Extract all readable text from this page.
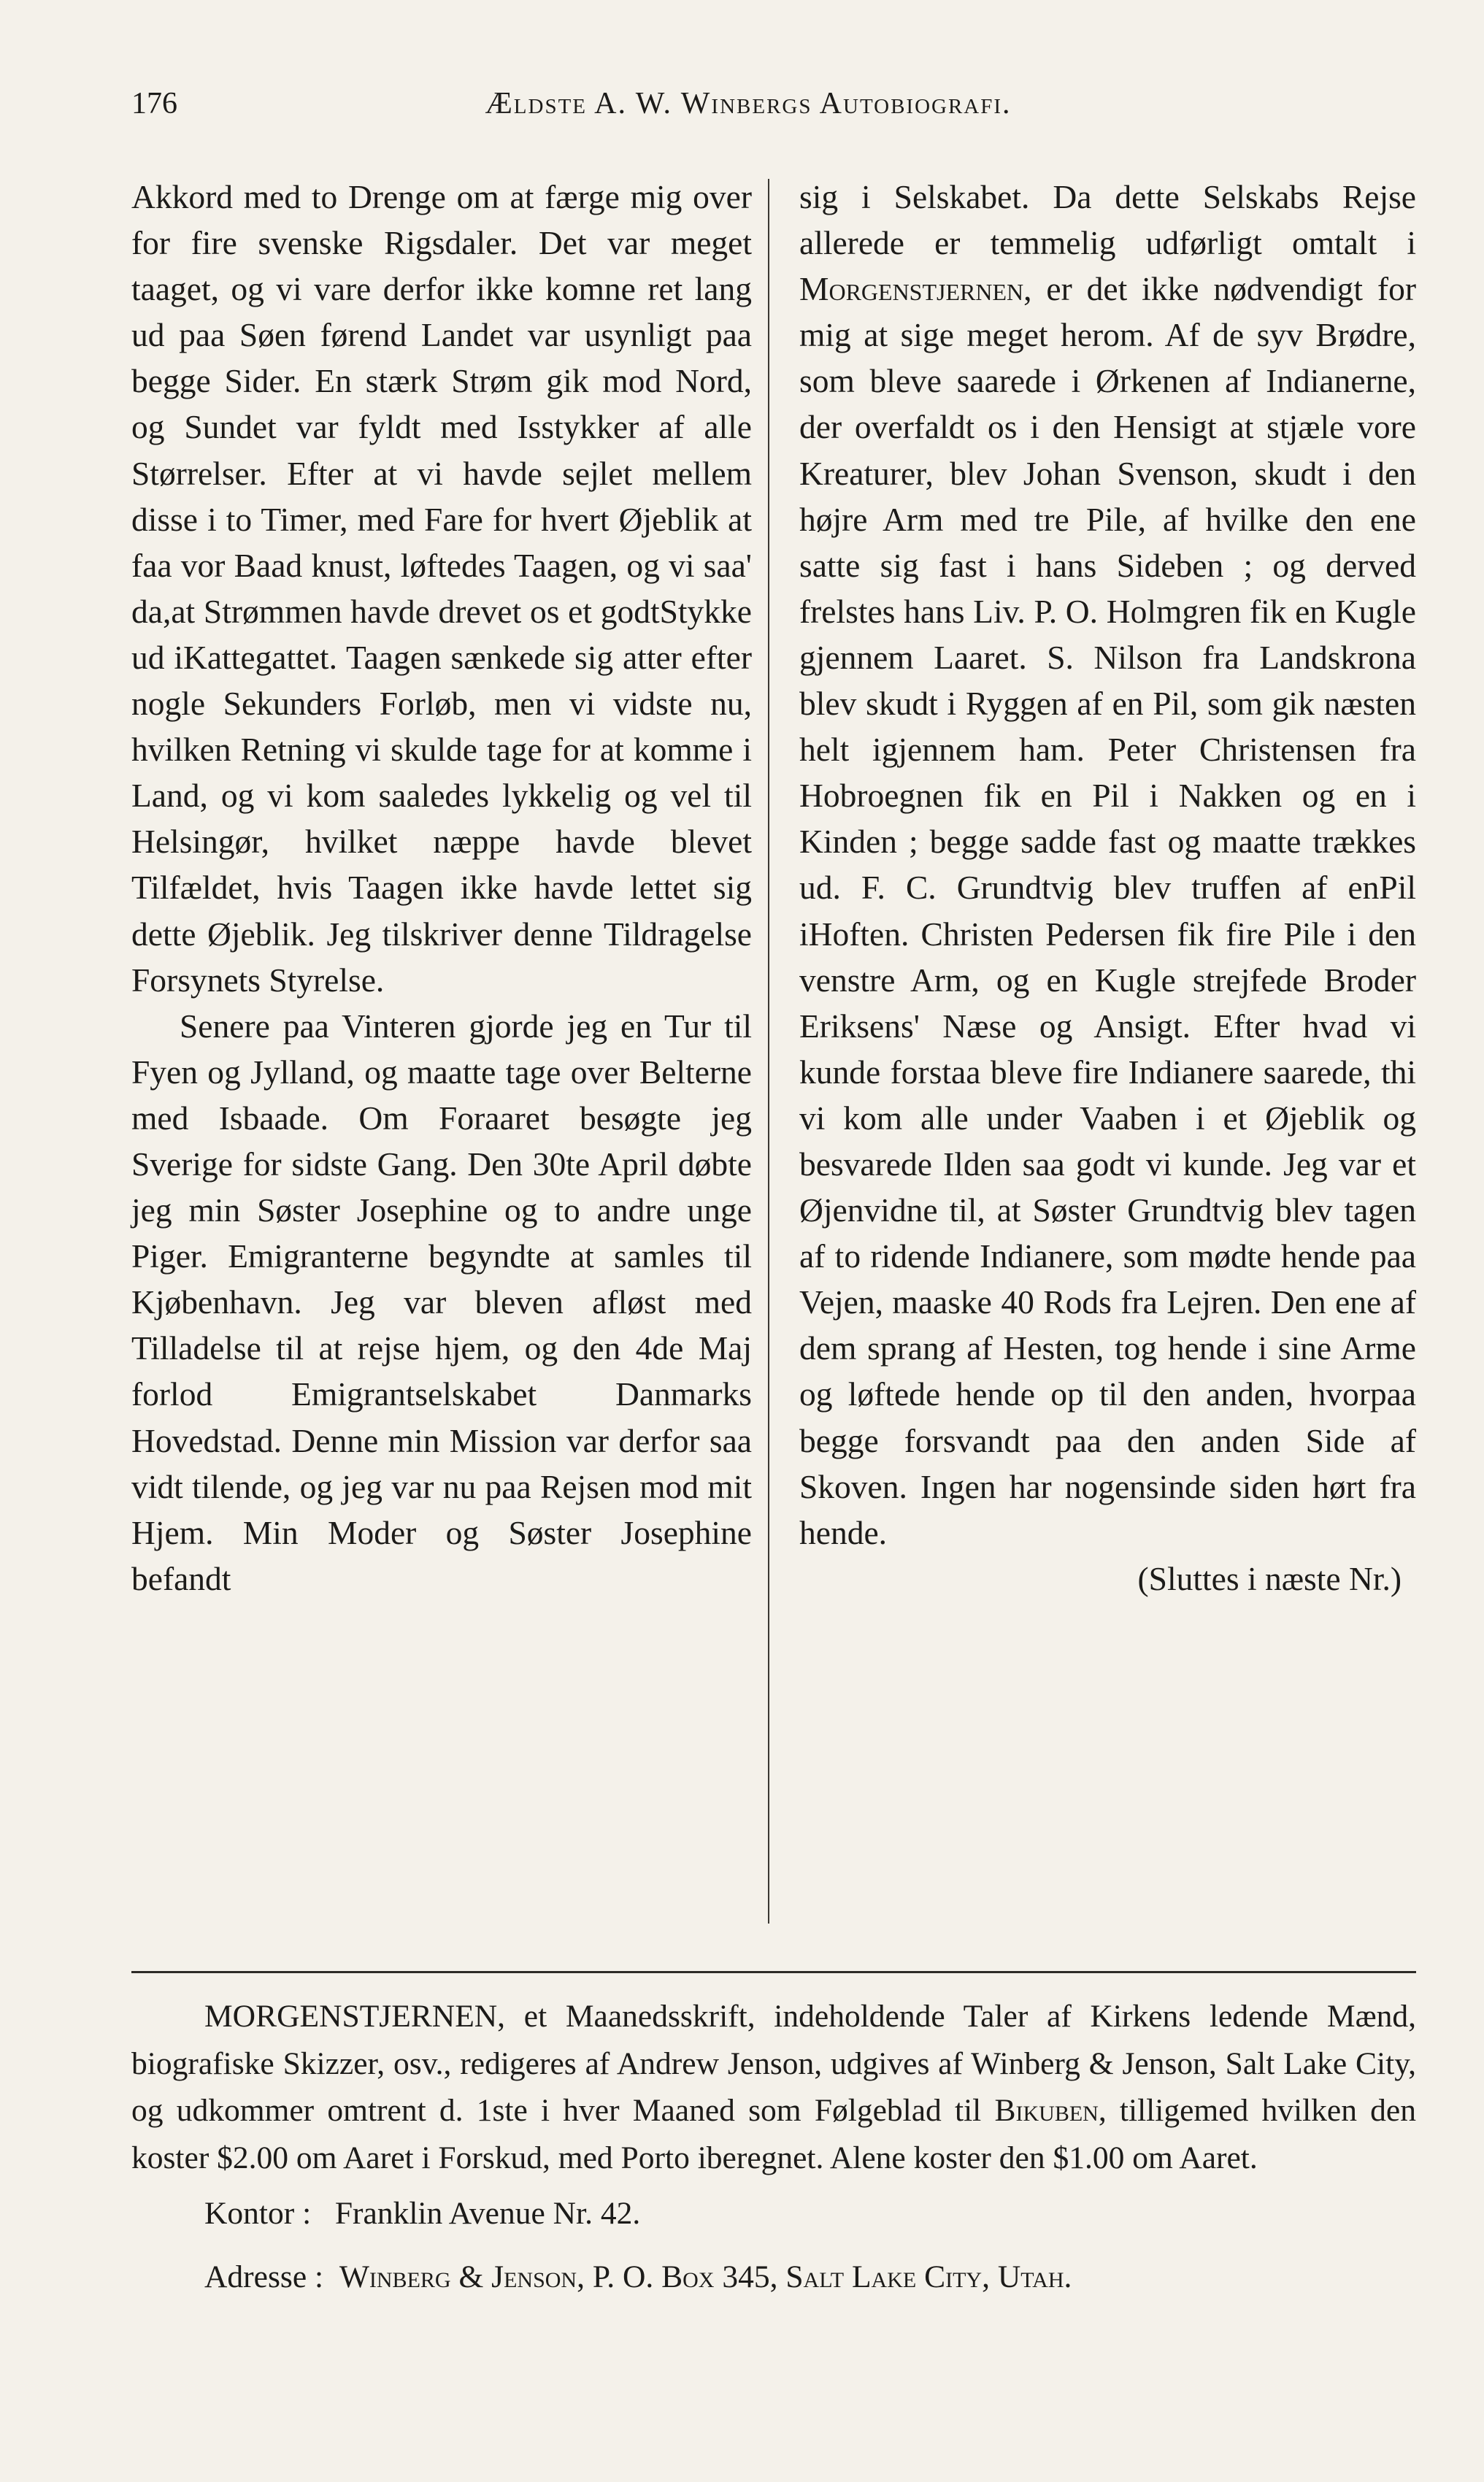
176	Ældste A. W. Winbergs Autobiografi.

Akkord med to Drenge om at færge mig over for fire svenske Rigsdaler. Det var meget taaget, og vi vare derfor ikke komne ret lang ud paa Søen førend Landet var usynligt paa begge Sider. En stærk Strøm gik mod Nord, og Sundet var fyldt med Isstykker af alle Størrelser. Efter at vi havde sejlet mellem disse i to Timer, med Fare for hvert Øjeblik at faa vor Baad knust, løftedes Taagen, og vi saa' da,at Strømmen havde drevet os et godtStykke ud iKattegattet. Taagen sænkede sig atter efter nogle Sekunders Forløb, men vi vidste nu, hvilken Retning vi skulde tage for at komme i Land, og vi kom saaledes lykkelig og vel til Helsingør, hvilket næppe havde blevet Tilfældet, hvis Taagen ikke havde lettet sig dette Øjeblik. Jeg tilskriver denne Tildragelse Forsynets Styrelse.

Senere paa Vinteren gjorde jeg en Tur til Fyen og Jylland, og maatte tage over Belterne med Isbaade. Om Foraaret besøgte jeg Sverige for sidste Gang. Den 30te April døbte jeg min Søster Josephine og to andre unge Piger. Emigranterne begyndte at samles til Kjøbenhavn. Jeg var bleven afløst med Tilladelse til at rejse hjem, og den 4de Maj forlod Emigrantselskabet Danmarks Hovedstad. Denne min Mission var derfor saa vidt tilende, og jeg var nu paa Rejsen mod mit Hjem. Min Moder og Søster Josephine befandt

sig i Selskabet. Da dette Selskabs Rejse allerede er temmelig udførligt omtalt i Morgenstjernen, er det ikke nødvendigt for mig at sige meget herom. Af de syv Brødre, som bleve saarede i Ørkenen af Indianerne, der overfaldt os i den Hensigt at stjæle vore Kreaturer, blev Johan Svenson, skudt i den højre Arm med tre Pile, af hvilke den ene satte sig fast i hans Sideben ; og derved frelstes hans Liv. P. O. Holmgren fik en Kugle gjennem Laaret. S. Nilson fra Landskrona blev skudt i Ryggen af en Pil, som gik næsten helt igjennem ham. Peter Christensen fra Hobroegnen fik en Pil i Nakken og en i Kinden ; begge sadde fast og maatte trækkes ud. F. C. Grundtvig blev truffen af enPil iHoften. Christen Pedersen fik fire Pile i den venstre Arm, og en Kugle strejfede Broder Eriksens' Næse og Ansigt. Efter hvad vi kunde forstaa bleve fire Indianere saarede, thi vi kom alle under Vaaben i et Øjeblik og besvarede Ilden saa godt vi kunde. Jeg var et Øjenvidne til, at Søster Grundtvig blev tagen af to ridende Indianere, som mødte hende paa Vejen, maaske 40 Rods fra Lejren. Den ene af dem sprang af Hesten, tog hende i sine Arme og løftede hende op til den anden, hvorpaa begge forsvandt paa den anden Side af Skoven. Ingen har nogensinde siden hørt fra hende.

(Sluttes i næste Nr.)

MORGENSTJERNEN, et Maanedsskrift, indeholdende Taler af Kirkens ledende Mænd, biografiske Skizzer, osv., redigeres af Andrew Jenson, udgives af Winberg & Jenson, Salt Lake City, og udkommer omtrent d. 1ste i hver Maaned som Følgeblad til Bikuben, tilligemed hvilken den koster $2.00 om Aaret i Forskud, med Porto iberegnet. Alene koster den $1.00 om Aaret.

Kontor : Franklin Avenue Nr. 42.

Adresse : Winberg & Jenson, P. O. Box 345, Salt Lake City, Utah.
